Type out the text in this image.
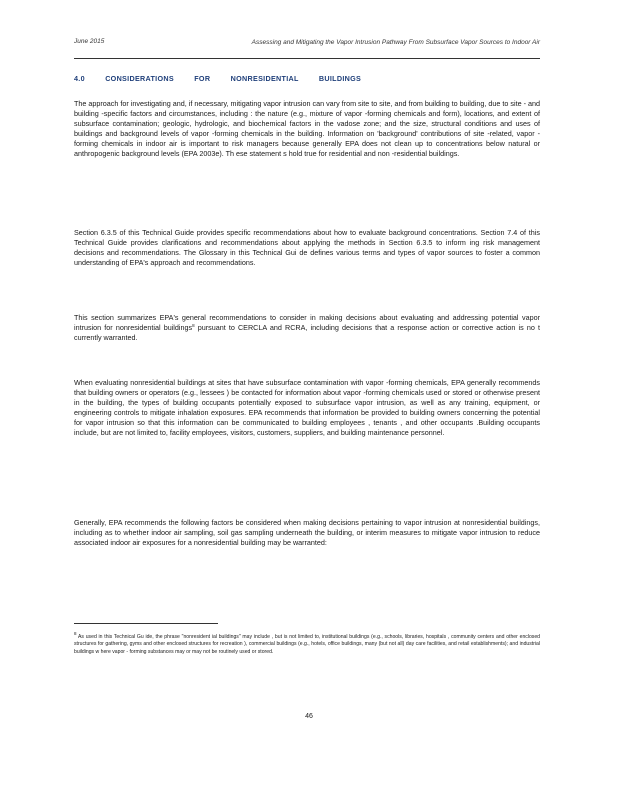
June 2015	Assessing and Mitigating the Vapor Intrusion Pathway From Subsurface Vapor Sources to Indoor Air
4.0 CONSIDERATIONS FOR NONRESIDENTIAL BUILDINGS

The approach for investigating and, if necessary, mitigating vapor intrusion can vary from site to site, and from building to building, due to site - and building -specific factors and circumstances, including : the nature (e.g., mixture of vapor -forming chemicals and form), locations, and extent of subsurface contamination; geologic, hydrologic, and biochemical factors in the vadose zone; and the size, structural conditions and uses of buildings and background levels of vapor -forming chemicals in the building. Information on 'background' contributions of site -related, vapor - forming chemicals in indoor air is important to risk managers because generally EPA does not clean up to concentrations below natural or anthropogenic background levels (EPA 2003e). Th ese statement s hold true for residential and non -residential buildings.

Section 6.3.5 of this Technical Guide provides specific recommendations about how to evaluate background concentrations. Section 7.4 of this Technical Guide provides clarifications and recommendations about applying the methods in Section 6.3.5 to inform ing risk management decisions and recommendations. The Glossary in this Technical Gui de defines various terms and types of vapor sources to foster a common understanding of EPA's approach and recommendations.

This section summarizes EPA's general recommendations to consider in making decisions about evaluating and addressing potential vapor intrusion for nonresidential buildings$^8$ pursuant to CERCLA and RCRA, including decisions that a response action or corrective action is no t currently warranted.

When evaluating nonresidential buildings at sites that have subsurface contamination with vapor -forming chemicals, EPA generally recommends that building owners or operators (e.g., lessees ) be contacted for information about vapor -forming chemicals used or stored or otherwise present in the building, the types of building occupants potentially exposed to subsurface vapor intrusion, as well as any training, equipment, or engineering controls to mitigate inhalation exposures. EPA recommends that information be provided to building owners concerning the potential for vapor intrusion so that this information can be communicated to building employees , tenants , and other occupants .Building occupants include, but are not limited to, facility employees, visitors, customers, suppliers, and building maintenance personnel.

Generally, EPA recommends the following factors be considered when making decisions pertaining to vapor intrusion at nonresidential buildings, including as to whether indoor air sampling, soil gas sampling underneath the building, or interim measures to mitigate vapor intrusion to reduce associated indoor air exposures for a nonresidential building may be warranted:

$^8$ As used in this Technical Gu ide, the phrase "nonresident ial buildings" may include , but is not limited to, institutional buildings (e.g., schools, libraries, hospitals , community centers and other enclosed structures for gathering, gyms and other enclosed structures for recreation ), commercial buildings (e.g., hotels, office buildings, many (but not all) day care facilities, and retail establishments); and industrial buildings w here vapor - forming substances may or may not be routinely used or stored.

46
